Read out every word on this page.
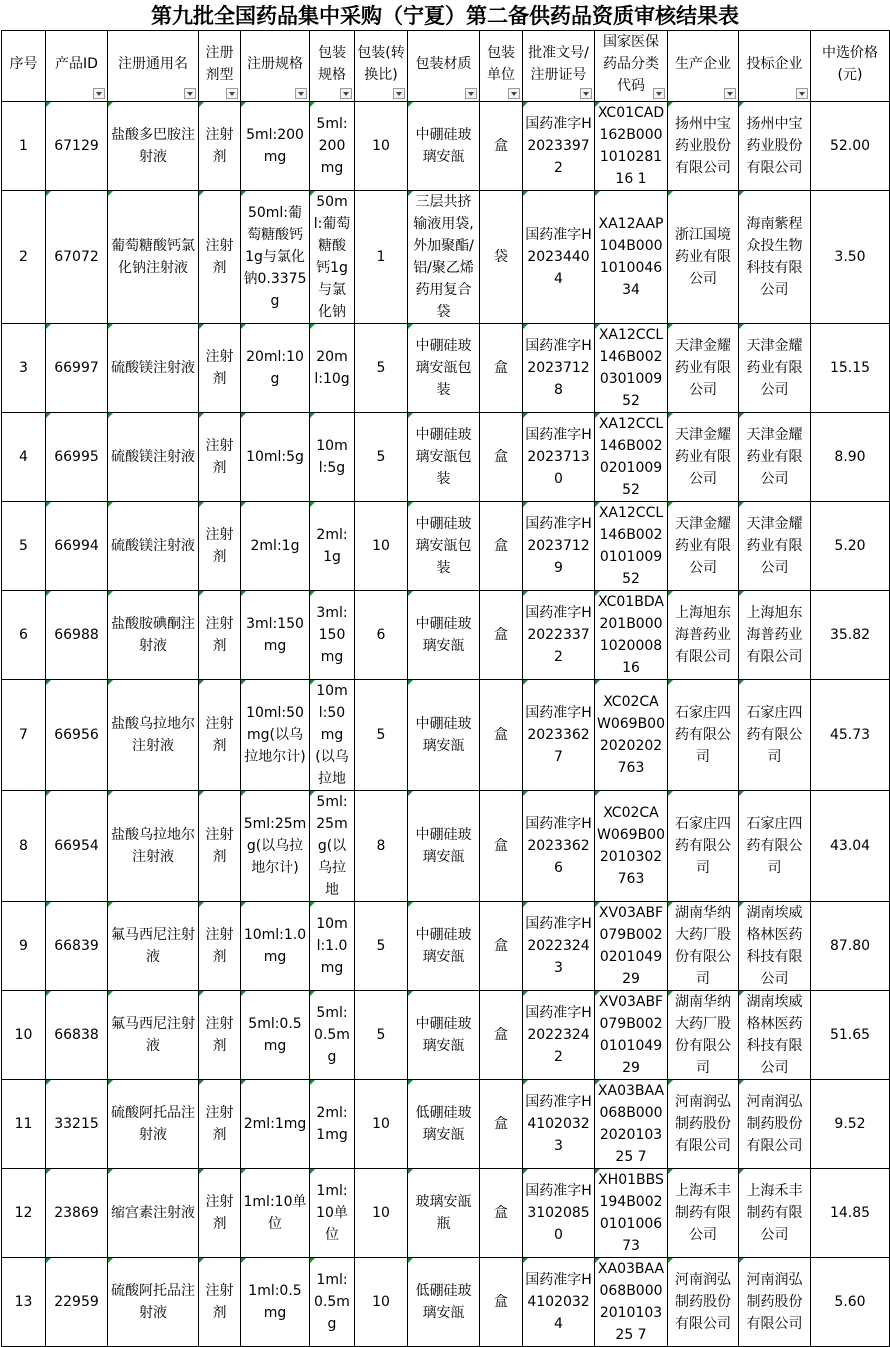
第九批全国药品集中采购（宁夏）第二备供药品资质审核结果表
序号	产品ID	注册通用名	注册剂型	注册规格	包装规格	包装(转换比)	包装材质	包装单位	批准文号/注册证号	国家医保药品分类代码	生产企业	投标企业	中选价格(元)
1	67129	盐酸多巴胺注射液	注射剂	5ml:200mg	5ml:200mg	10	中硼硅玻璃安瓿	盒	国药准字H20233972	XC01CAD162B000101028116 1	扬州中宝药业股份有限公司	扬州中宝药业股份有限公司	52.00
2	67072	葡萄糖酸钙氯化钠注射液	注射剂	50ml:葡萄糖酸钙1g与氯化钠0.3375g	50ml:葡萄糖酸钙1g与氯化钠	1	三层共挤输液用袋,外加聚酯/铝/聚乙烯药用复合袋	袋	国药准字H20234404	XA12AAP104B000101004634	浙江国境药业有限公司	海南紫程众投生物科技有限公司	3.50
3	66997	硫酸镁注射液	注射剂	20ml:10g	20ml:10g	5	中硼硅玻璃安瓿包装	盒	国药准字H20237128	XA12CCL146B002030100952	天津金耀药业有限公司	天津金耀药业有限公司	15.15
4	66995	硫酸镁注射液	注射剂	10ml:5g	10ml:5g	5	中硼硅玻璃安瓿包装	盒	国药准字H20237130	XA12CCL146B002020100952	天津金耀药业有限公司	天津金耀药业有限公司	8.90
5	66994	硫酸镁注射液	注射剂	2ml:1g	2ml:1g	10	中硼硅玻璃安瓿包装	盒	国药准字H20237129	XA12CCL146B002010100952	天津金耀药业有限公司	天津金耀药业有限公司	5.20
6	66988	盐酸胺碘酮注射液	注射剂	3ml:150mg	3ml:150mg	6	中硼硅玻璃安瓿	盒	国药准字H20223372	XC01BDA201B000102000816	上海旭东海普药业有限公司	上海旭东海普药业有限公司	35.82
7	66956	盐酸乌拉地尔注射液	注射剂	10ml:50mg(以乌拉地尔计)	10ml:50mg(以乌拉地	5	中硼硅玻璃安瓿	盒	国药准字H20233627	XC02CAW069B002020202763	石家庄四药有限公司	石家庄四药有限公司	45.73
8	66954	盐酸乌拉地尔注射液	注射剂	5ml:25mg(以乌拉地尔计)	5ml:25mg(以乌拉地	8	中硼硅玻璃安瓿	盒	国药准字H20233626	XC02CAW069B002010302763	石家庄四药有限公司	石家庄四药有限公司	43.04
9	66839	氟马西尼注射液	注射剂	10ml:1.0mg	10ml:1.0mg	5	中硼硅玻璃安瓿	盒	国药准字H20223243	XV03ABF079B002020104929	湖南华纳大药厂股份有限公司	湖南埃威格林医药科技有限公司	87.80
10	66838	氟马西尼注射液	注射剂	5ml:0.5mg	5ml:0.5mg	5	中硼硅玻璃安瓿	盒	国药准字H20223242	XV03ABF079B002010104929	湖南华纳大药厂股份有限公司	湖南埃威格林医药科技有限公司	51.65
11	33215	硫酸阿托品注射液	注射剂	2ml:1mg	2ml:1mg	10	低硼硅玻璃安瓿	盒	国药准字H41020323	XA03BAA068B000202010325 7	河南润弘制药股份有限公司	河南润弘制药股份有限公司	9.52
12	23869	缩宫素注射液	注射剂	1ml:10单位	1ml:10单位	10	玻璃安瓿瓶	盒	国药准字H31020850	XH01BBS194B002010100673	上海禾丰制药有限公司	上海禾丰制药有限公司	14.85
13	22959	硫酸阿托品注射液	注射剂	1ml:0.5mg	1ml:0.5mg	10	低硼硅玻璃安瓿	盒	国药准字H41020324	XA03BAA068B000201010325 7	河南润弘制药股份有限公司	河南润弘制药股份有限公司	5.60
